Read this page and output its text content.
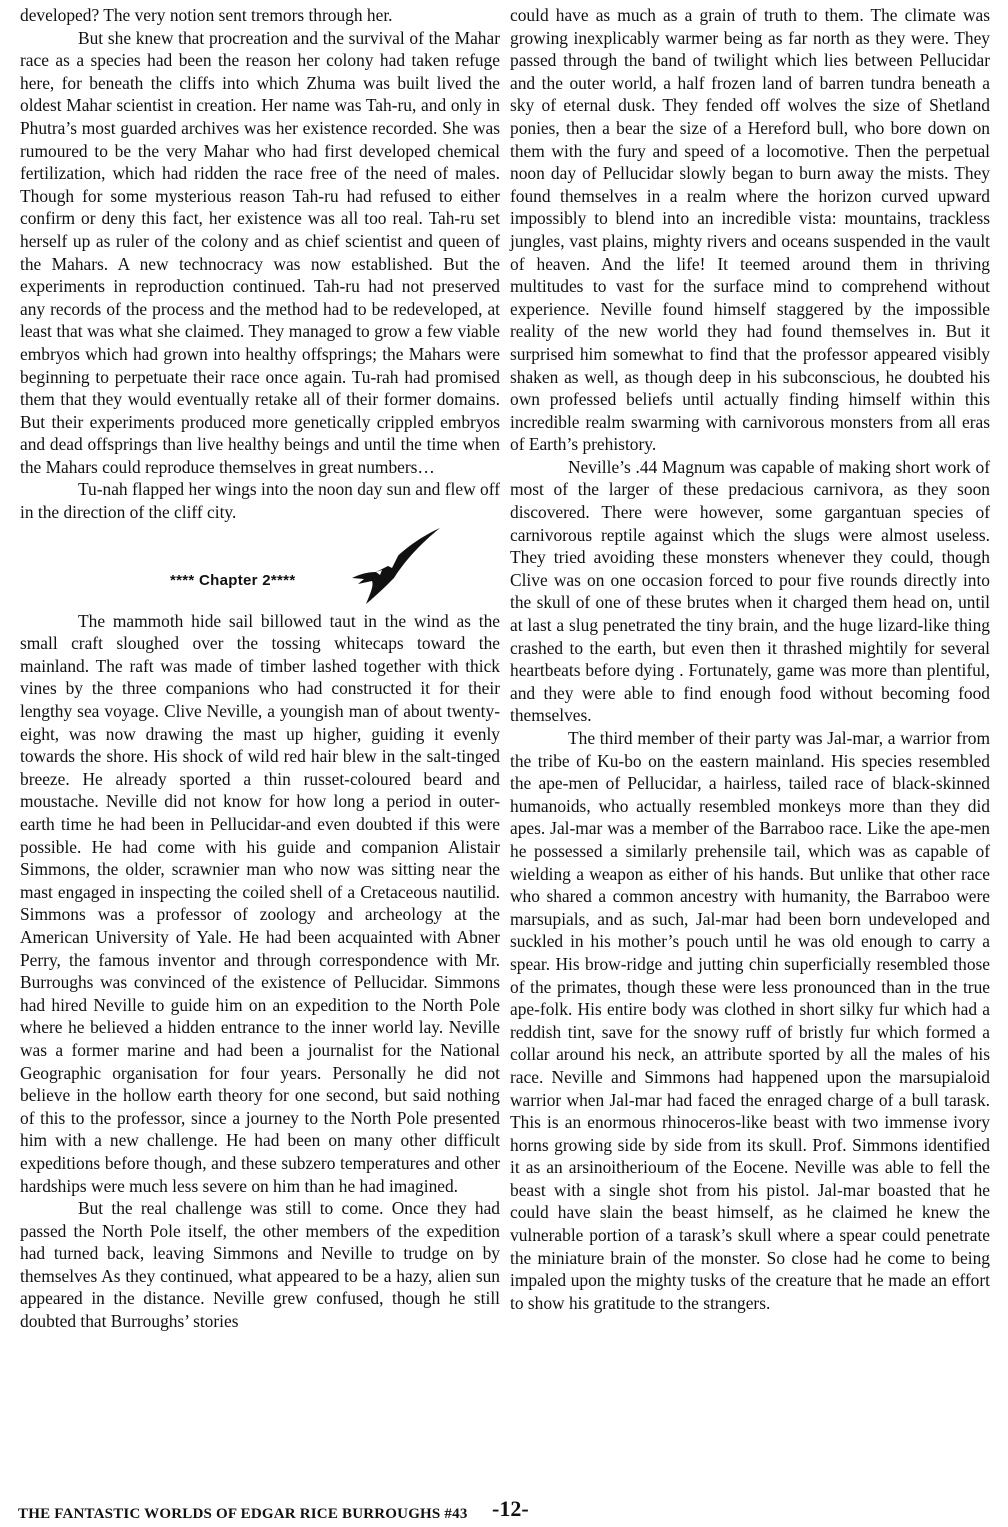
developed? The very notion sent tremors through her.

But she knew that procreation and the survival of the Mahar race as a species had been the reason her colony had taken refuge here, for beneath the cliffs into which Zhuma was built lived the oldest Mahar scientist in creation. Her name was Tah-ru, and only in Phutra’s most guarded archives was her existence recorded. She was rumoured to be the very Mahar who had first developed chemical fertilization, which had ridden the race free of the need of males. Though for some mysterious reason Tah-ru had refused to either confirm or deny this fact, her existence was all too real. Tah-ru set herself up as ruler of the colony and as chief scientist and queen of the Mahars. A new technocracy was now established. But the experiments in reproduction continued. Tah-ru had not preserved any records of the process and the method had to be redeveloped, at least that was what she claimed. They managed to grow a few viable embryos which had grown into healthy offsprings; the Mahars were beginning to perpetuate their race once again. Tu-rah had promised them that they would eventually retake all of their former domains. But their experiments produced more genetically crippled embryos and dead offsprings than live healthy beings and until the time when the Mahars could reproduce themselves in great numbers…

Tu-nah flapped her wings into the noon day sun and flew off in the direction of the cliff city.

**** Chapter 2****

The mammoth hide sail billowed taut in the wind as the small craft sloughed over the tossing whitecaps toward the mainland. The raft was made of timber lashed together with thick vines by the three companions who had constructed it for their lengthy sea voyage. Clive Neville, a youngish man of about twenty-eight, was now drawing the mast up higher, guiding it evenly towards the shore. His shock of wild red hair blew in the salt-tinged breeze. He already sported a thin russet-coloured beard and moustache. Neville did not know for how long a period in outer- earth time he had been in Pellucidar-and even doubted if this were possible. He had come with his guide and companion Alistair Simmons, the older, scrawnier man who now was sitting near the mast engaged in inspecting the coiled shell of a Cretaceous nautilid. Simmons was a professor of zoology and archeology at the American University of Yale. He had been acquainted with Abner Perry, the famous inventor and through correspondence with Mr. Burroughs was convinced of the existence of Pellucidar. Simmons had hired Neville to guide him on an expedition to the North Pole where he believed a hidden entrance to the inner world lay. Neville was a former marine and had been a journalist for the National Geographic organisation for four years. Personally he did not believe in the hollow earth theory for one second, but said nothing of this to the professor, since a journey to the North Pole presented him with a new challenge. He had been on many other difficult expeditions before though, and these subzero temperatures and other hardships were much less severe on him than he had imagined.

But the real challenge was still to come. Once they had passed the North Pole itself, the other members of the expedition had turned back, leaving Simmons and Neville to trudge on by themselves As they continued, what appeared to be a hazy, alien sun appeared in the distance. Neville grew confused, though he still doubted that Burroughs’ stories

could have as much as a grain of truth to them. The climate was growing inexplicably warmer being as far north as they were. They passed through the band of twilight which lies between Pellucidar and the outer world, a half frozen land of barren tundra beneath a sky of eternal dusk. They fended off wolves the size of Shetland ponies, then a bear the size of a Hereford bull, who bore down on them with the fury and speed of a locomotive. Then the perpetual noon day of Pellucidar slowly began to burn away the mists. They found themselves in a realm where the horizon curved upward impossibly to blend into an incredible vista: mountains, trackless jungles, vast plains, mighty rivers and oceans suspended in the vault of heaven. And the life! It teemed around them in thriving multitudes to vast for the surface mind to comprehend without experience. Neville found himself staggered by the impossible reality of the new world they had found themselves in. But it surprised him somewhat to find that the professor appeared visibly shaken as well, as though deep in his subconscious, he doubted his own professed beliefs until actually finding himself within this incredible realm swarming with carnivorous monsters from all eras of Earth’s prehistory.

Neville’s .44 Magnum was capable of making short work of most of the larger of these predacious carnivora, as they soon discovered. There were however, some gargantuan species of carnivorous reptile against which the slugs were almost useless. They tried avoiding these monsters whenever they could, though Clive was on one occasion forced to pour five rounds directly into the skull of one of these brutes when it charged them head on, until at last a slug penetrated the tiny brain, and the huge lizard-like thing crashed to the earth, but even then it thrashed mightily for several heartbeats before dying . Fortunately, game was more than plentiful, and they were able to find enough food without becoming food themselves.

The third member of their party was Jal-mar, a warrior from the tribe of Ku-bo on the eastern mainland. His species resembled the ape-men of Pellucidar, a hairless, tailed race of black-skinned humanoids, who actually resembled monkeys more than they did apes. Jal-mar was a member of the Barraboo race. Like the ape-men he possessed a similarly prehensile tail, which was as capable of wielding a weapon as either of his hands. But unlike that other race who shared a common ancestry with humanity, the Barraboo were marsupials, and as such, Jal-mar had been born undeveloped and suckled in his mother’s pouch until he was old enough to carry a spear. His brow-ridge and jutting chin superficially resembled those of the primates, though these were less pronounced than in the true ape-folk. His entire body was clothed in short silky fur which had a reddish tint, save for the snowy ruff of bristly fur which formed a collar around his neck, an attribute sported by all the males of his race. Neville and Simmons had happened upon the marsupialoid warrior when Jal-mar had faced the enraged charge of a bull tarask. This is an enormous rhinoceros-like beast with two immense ivory horns growing side by side from its skull. Prof. Simmons identified it as an arsinoitherioum of the Eocene. Neville was able to fell the beast with a single shot from his pistol. Jal-mar boasted that he could have slain the beast himself, as he claimed he knew the vulnerable portion of a tarask’s skull where a spear could penetrate the miniature brain of the monster. So close had he come to being impaled upon the mighty tusks of the creature that he made an effort to show his gratitude to the strangers.

THE FANTASTIC WORLDS OF EDGAR RICE BURROUGHS #43 -12-
